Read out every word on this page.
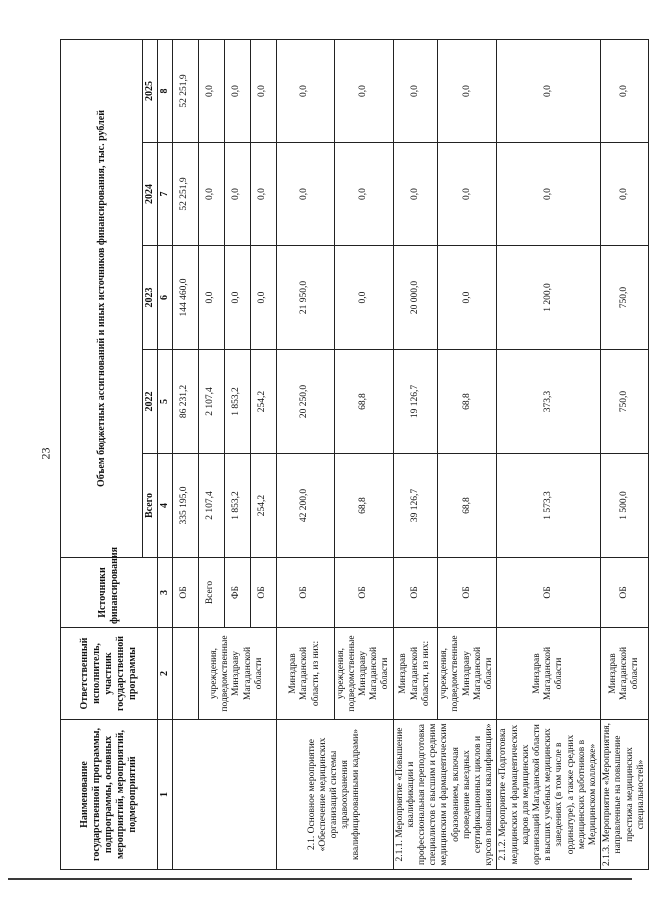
23
Наименование государственной программы, подпрограммы, основных мероприятий, мероприятий, подмероприятий	Ответственный исполнитель, участник государственной программы	Источники финансирования	Объем бюджетных ассигнований и иных источников финансирования, тыс. рублей				
			Всего	2022	2023	2024	2025
1	2	3	4	5	6	7	8
		ОБ	335 195,0	86 231,2	144 460,0	52 251,9	52 251,9
	учреждения, подведомственные Минздраву Магаданской области	Всего	2 107,4	2 107,4	0,0	0,0	0,0
		ФБ	1 853,2	1 853,2	0,0	0,0	0,0
		ОБ	254,2	254,2	0,0	0,0	0,0
2.1. Основное мероприятие «Обеспечение медицинских организаций системы здравоохранения квалифицированными кадрами»	Минздрав Магаданской области, из них:	ОБ	42 200,0	20 250,0	21 950,0	0,0	0,0
	учреждения, подведомственные Минздраву Магаданской области	ОБ	68,8	68,8	0,0	0,0	0,0
2.1.1. Мероприятие «Повышение квалификации и профессиональная переподготовка специалистов с высшим и средним медицинским и фармацевтическим образованием, включая проведение выездных сертификационных циклов и курсов повышения квалификации»	Минздрав Магаданской области, из них:	ОБ	39 126,7	19 126,7	20 000,0	0,0	0,0
	учреждения, подведомственные Минздраву Магаданской области	ОБ	68,8	68,8	0,0	0,0	0,0
2.1.2. Мероприятие «Подготовка медицинских и фармацевтических кадров для медицинских организаций Магаданской области в высших учебных медицинских заведениях (в том числе в ординатуре), а также средних медицинских работников в Медицинском колледже»	Минздрав Магаданской области	ОБ	1 573,3	373,3	1 200,0	0,0	0,0
2.1.3. Мероприятие «Мероприятия, направленные на повышение престижа медицинских специальностей»	Минздрав Магаданской области	ОБ	1 500,0	750,0	750,0	0,0	0,0
